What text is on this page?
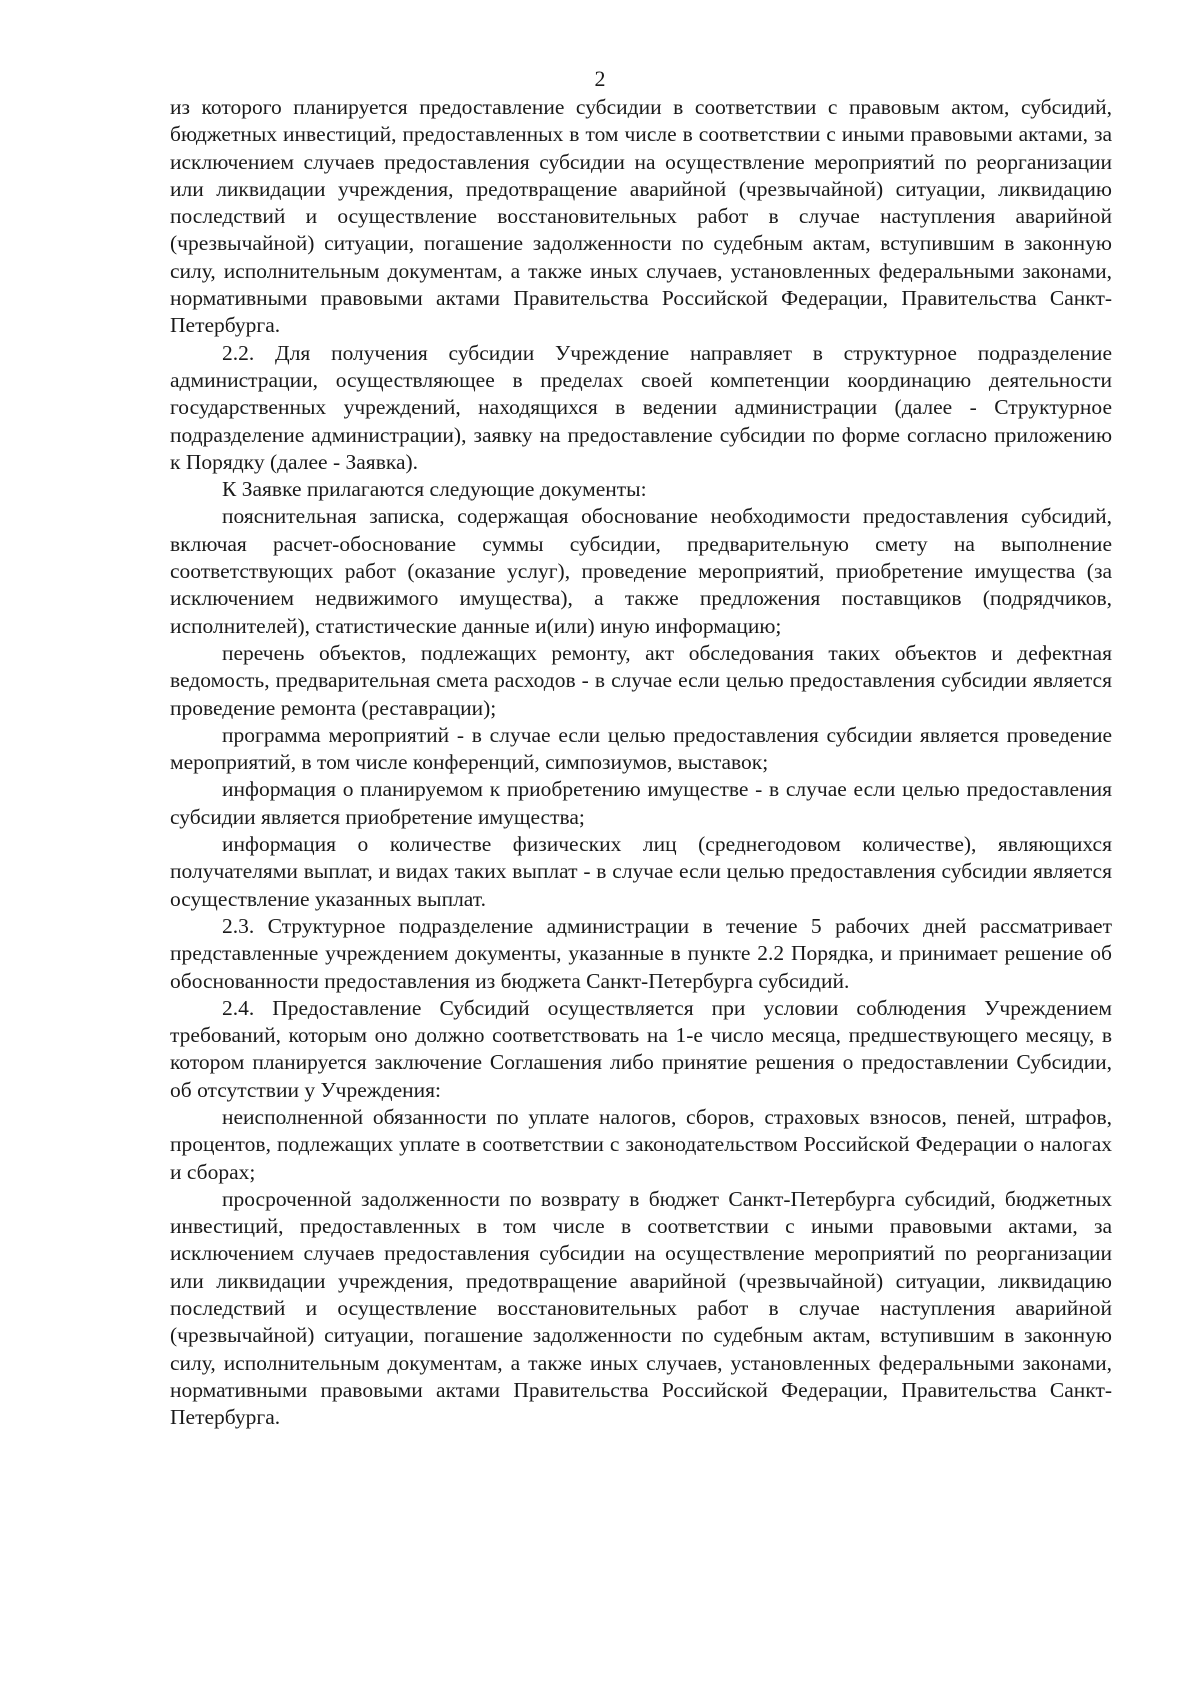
2

из которого планируется предоставление субсидии в соответствии с правовым актом, субсидий, бюджетных инвестиций, предоставленных в том числе в соответствии с иными правовыми актами, за исключением случаев предоставления субсидии на осуществление мероприятий по реорганизации или ликвидации учреждения, предотвращение аварийной (чрезвычайной) ситуации, ликвидацию последствий и осуществление восстановительных работ в случае наступления аварийной (чрезвычайной) ситуации, погашение задолженности по судебным актам, вступившим в законную силу, исполнительным документам, а также иных случаев, установленных федеральными законами, нормативными правовыми актами Правительства Российской Федерации, Правительства Санкт-Петербурга.

2.2. Для получения субсидии Учреждение направляет в структурное подразделение администрации, осуществляющее в пределах своей компетенции координацию деятельности государственных учреждений, находящихся в ведении администрации (далее - Структурное подразделение администрации), заявку на предоставление субсидии по форме согласно приложению к Порядку (далее - Заявка).

К Заявке прилагаются следующие документы:

пояснительная записка, содержащая обоснование необходимости предоставления субсидий, включая расчет-обоснование суммы субсидии, предварительную смету на выполнение соответствующих работ (оказание услуг), проведение мероприятий, приобретение имущества (за исключением недвижимого имущества), а также предложения поставщиков (подрядчиков, исполнителей), статистические данные и(или) иную информацию;

перечень объектов, подлежащих ремонту, акт обследования таких объектов и дефектная ведомость, предварительная смета расходов - в случае если целью предоставления субсидии является проведение ремонта (реставрации);

программа мероприятий - в случае если целью предоставления субсидии является проведение мероприятий, в том числе конференций, симпозиумов, выставок;

информация о планируемом к приобретению имуществе - в случае если целью предоставления субсидии является приобретение имущества;

информация о количестве физических лиц (среднегодовом количестве), являющихся получателями выплат, и видах таких выплат - в случае если целью предоставления субсидии является осуществление указанных выплат.

2.3. Структурное подразделение администрации в течение 5 рабочих дней рассматривает представленные учреждением документы, указанные в пункте 2.2 Порядка, и принимает решение об обоснованности предоставления из бюджета Санкт-Петербурга субсидий.

2.4. Предоставление Субсидий осуществляется при условии соблюдения Учреждением требований, которым оно должно соответствовать на 1-е число месяца, предшествующего месяцу, в котором планируется заключение Соглашения либо принятие решения о предоставлении Субсидии, об отсутствии у Учреждения:

неисполненной обязанности по уплате налогов, сборов, страховых взносов, пеней, штрафов, процентов, подлежащих уплате в соответствии с законодательством Российской Федерации о налогах и сборах;

просроченной задолженности по возврату в бюджет Санкт-Петербурга субсидий, бюджетных инвестиций, предоставленных в том числе в соответствии с иными правовыми актами, за исключением случаев предоставления субсидии на осуществление мероприятий по реорганизации или ликвидации учреждения, предотвращение аварийной (чрезвычайной) ситуации, ликвидацию последствий и осуществление восстановительных работ в случае наступления аварийной (чрезвычайной) ситуации, погашение задолженности по судебным актам, вступившим в законную силу, исполнительным документам, а также иных случаев, установленных федеральными законами, нормативными правовыми актами Правительства Российской Федерации, Правительства Санкт-Петербурга.
